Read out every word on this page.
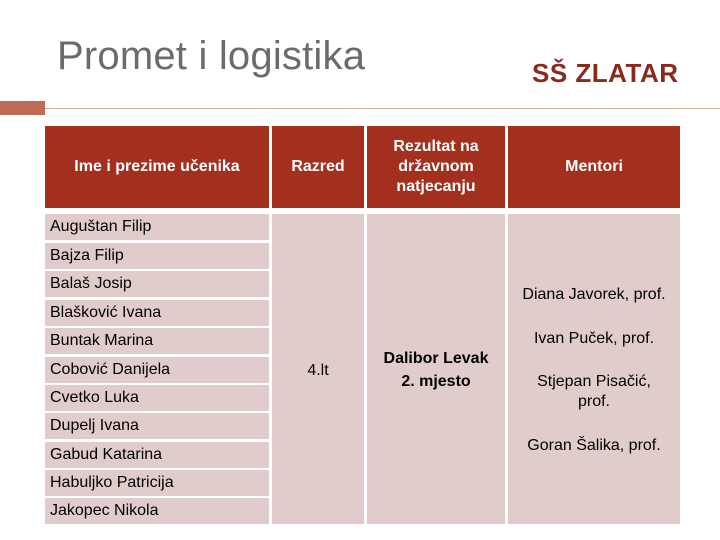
Promet i logistika	SŠ ZLATAR
Ime i prezime učenika	Razred
Rezultat na državnom natjecanju
Mentori
Auguštan Filip
Bajza Filip
Balaš Josip
Blašković Ivana
Buntak Marina
Cobović Danijela
Cvetko Luka
Dupelj Ivana
Gabud Katarina
Habuljko Patricija
Jakopec Nikola
4.lt
Dalibor Levak
2. mjesto
Diana Javorek, prof.
Ivan Puček, prof.
Stjepan Pisačić, prof.
Goran Šalika, prof.
